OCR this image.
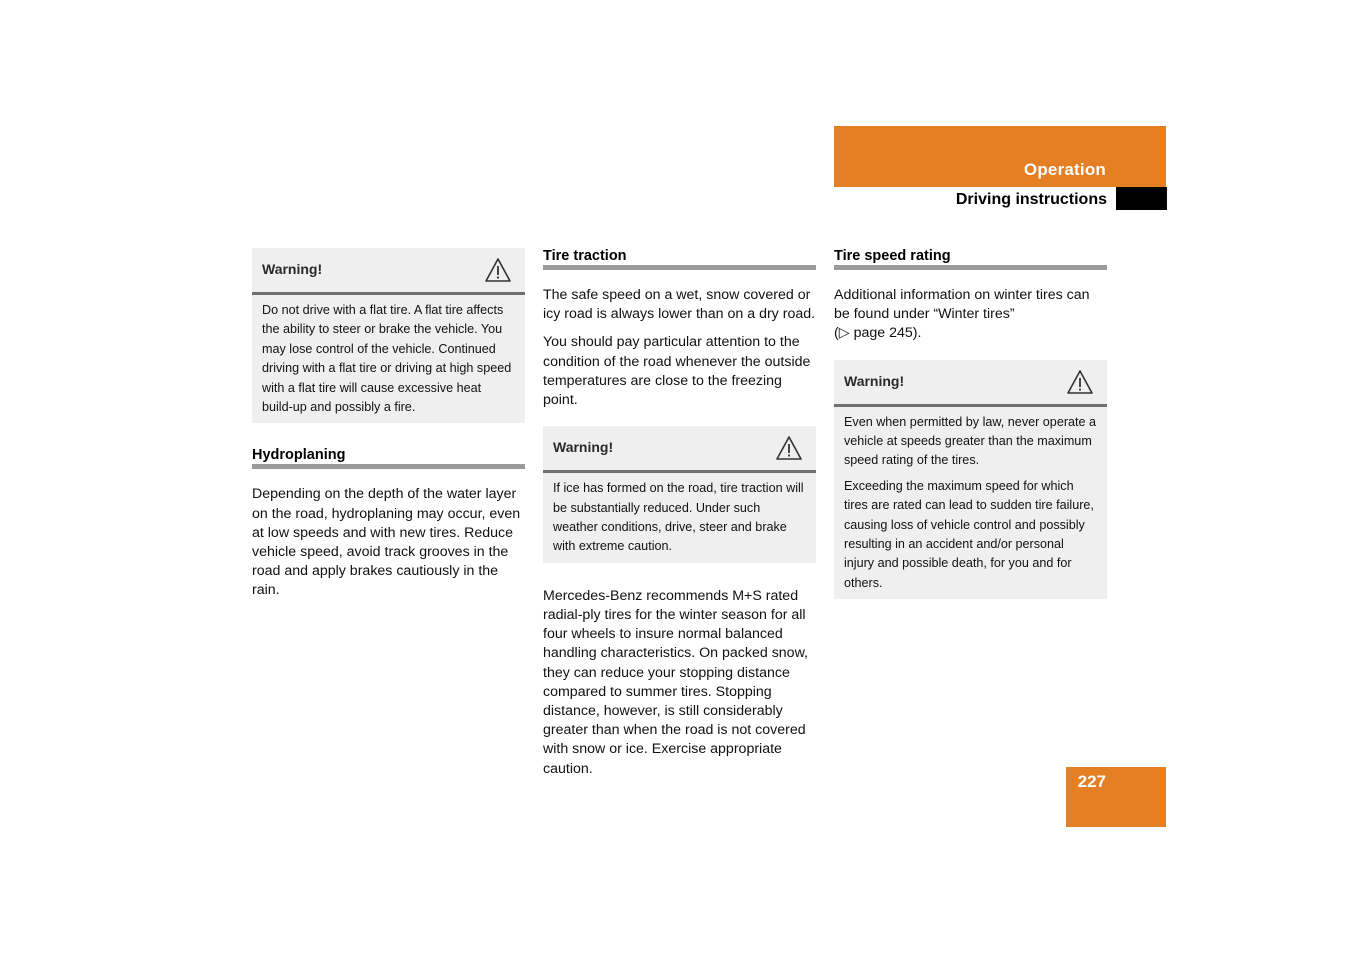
Operation
Driving instructions
Warning!

Do not drive with a flat tire. A flat tire affects the ability to steer or brake the vehicle. You may lose control of the vehicle. Continued driving with a flat tire or driving at high speed with a flat tire will cause excessive heat build-up and possibly a fire.

Hydroplaning

Depending on the depth of the water layer on the road, hydroplaning may occur, even at low speeds and with new tires. Reduce vehicle speed, avoid track grooves in the road and apply brakes cautiously in the rain.

Tire traction

The safe speed on a wet, snow covered or icy road is always lower than on a dry road.

You should pay particular attention to the condition of the road whenever the outside temperatures are close to the freezing point.

Warning!

If ice has formed on the road, tire traction will be substantially reduced. Under such weather conditions, drive, steer and brake with extreme caution.

Mercedes-Benz recommends M+S rated radial-ply tires for the winter season for all four wheels to insure normal balanced handling characteristics. On packed snow, they can reduce your stopping distance compared to summer tires. Stopping distance, however, is still considerably greater than when the road is not covered with snow or ice. Exercise appropriate caution.

Tire speed rating

Additional information on winter tires can be found under “Winter tires”
(▷ page 245).

Warning!

Even when permitted by law, never operate a vehicle at speeds greater than the maximum speed rating of the tires.

Exceeding the maximum speed for which tires are rated can lead to sudden tire failure, causing loss of vehicle control and possibly resulting in an accident and/or personal injury and possible death, for you and for others.

227
